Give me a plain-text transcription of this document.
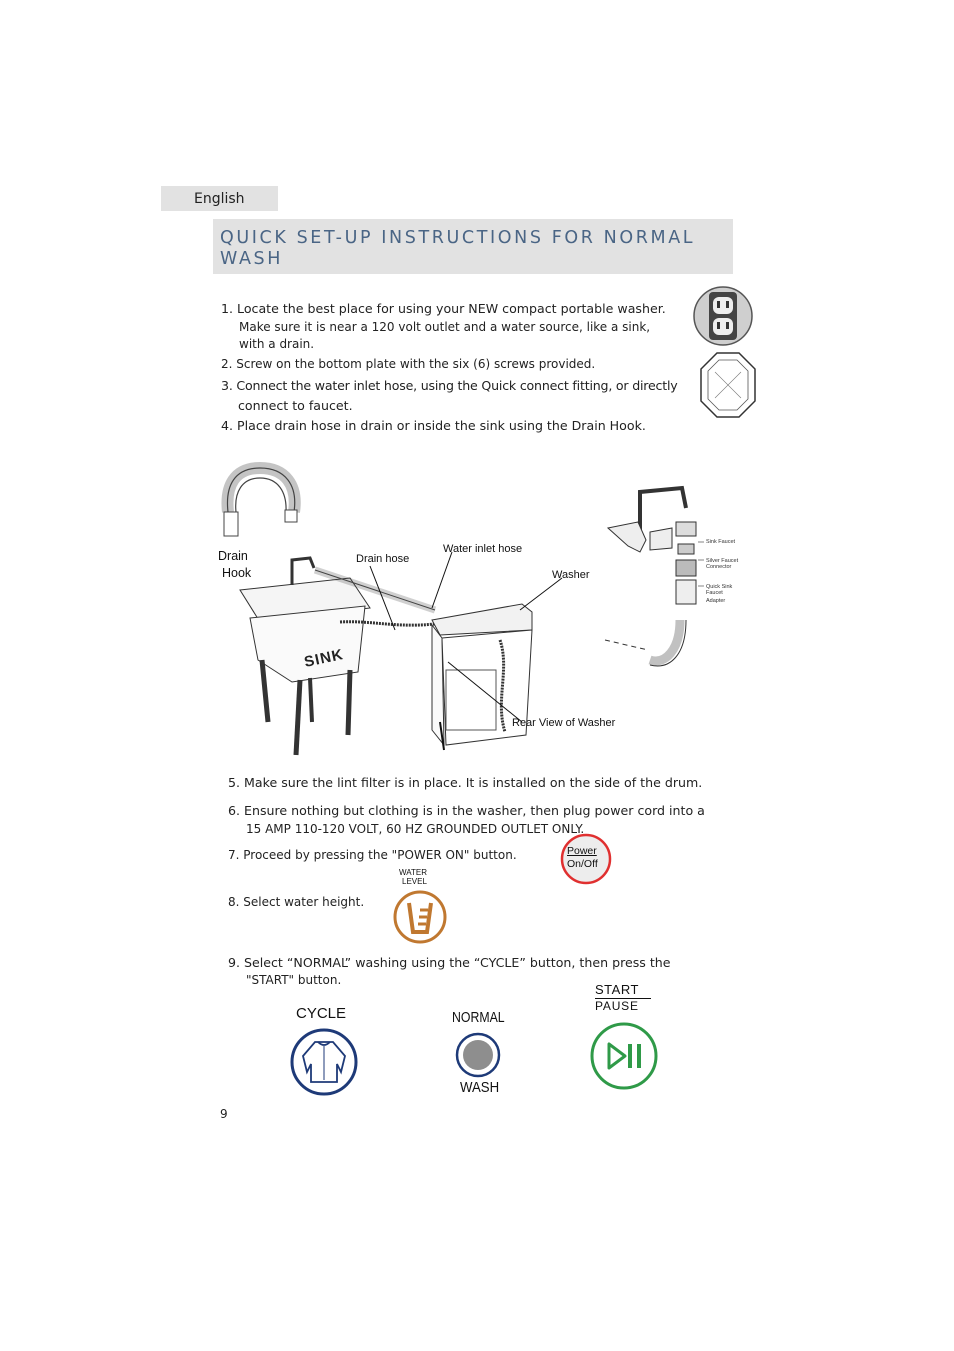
English
QUICK SET-UP INSTRUCTIONS FOR NORMAL WASH
1. Locate the best place for using your NEW compact portable washer.
Make sure it is near a 120 volt outlet and a water source, like a sink,
with a drain.
2. Screw on the bottom plate with the six (6) screws provided.
3. Connect the water inlet hose, using the Quick connect fitting, or directly
connect to faucet.
4. Place drain hose in drain or inside the sink using the Drain Hook.
Drain
Hook
Drain hose
Water inlet hose
Washer
Rear View of Washer
SINK
Sink Faucet
Silver Faucet
Connector
Quick Sink
Faucet
Adapter
5. Make sure the lint filter is in place. It is installed on the side of the drum.
6. Ensure nothing but clothing is in the washer, then plug power cord into a
15 AMP 110-120 VOLT, 60 HZ GROUNDED OUTLET ONLY.
7. Proceed by pressing the "POWER ON" button.
8. Select water height.
9. Select “NORMAL” washing using the “CYCLE” button, then press the
"START" button.
Power
On/Off
WATER
LEVEL
CYCLE	NORMAL
WASH
START
PAUSE
9
